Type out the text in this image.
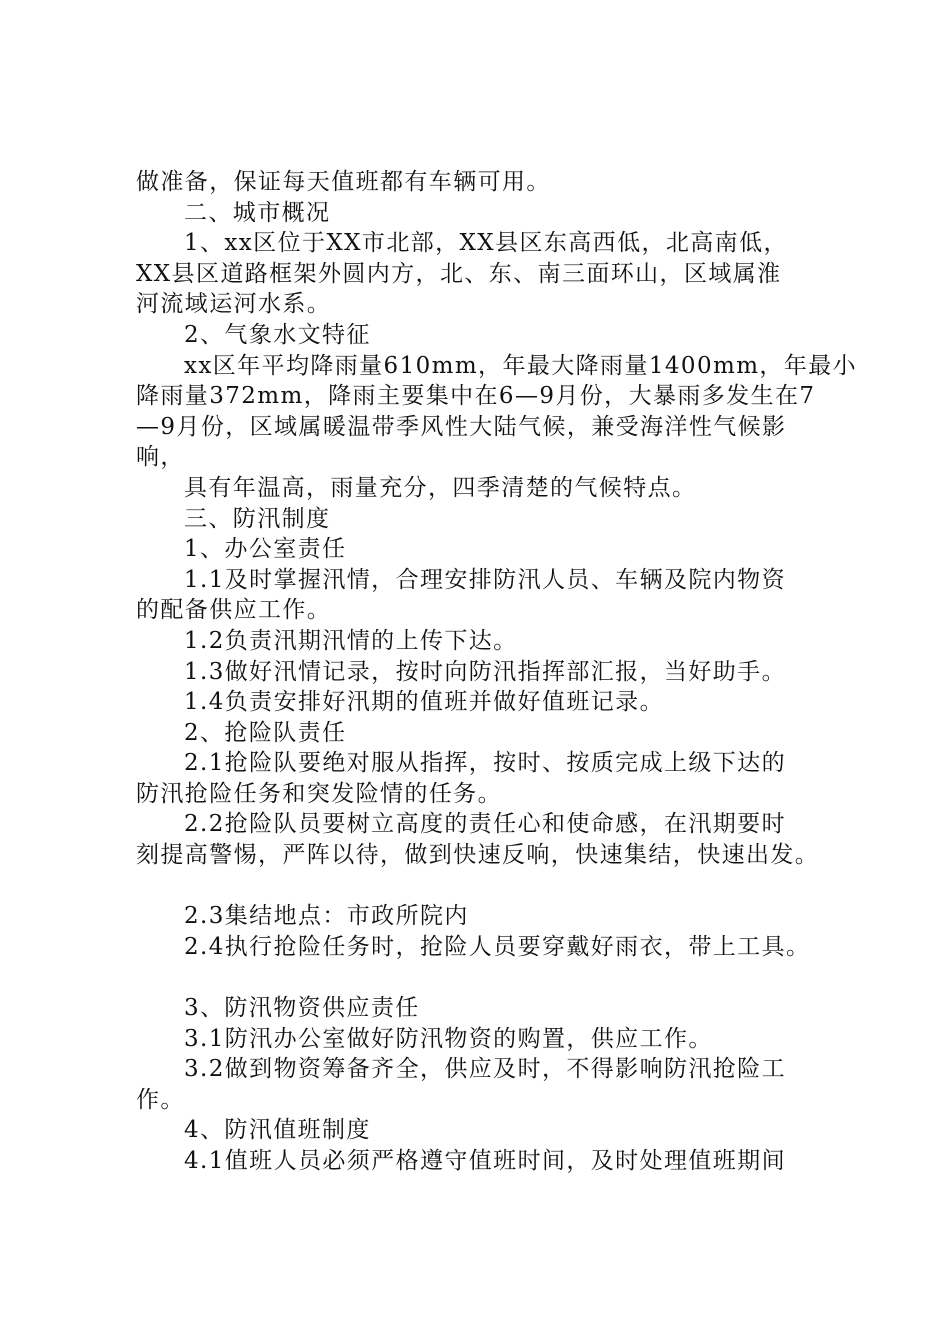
做准备，保证每天值班都有车辆可用。
二、城市概况
1、xx区位于XX市北部，XX县区东高西低，北高南低，
XX县区道路框架外圆内方，北、东、南三面环山，区域属淮
河流域运河水系。
2、气象水文特征
xx区年平均降雨量610mm，年最大降雨量1400mm，年最小
降雨量372mm，降雨主要集中在6—9月份，大暴雨多发生在7
—9月份，区域属暖温带季风性大陆气候，兼受海洋性气候影
响，
具有年温高，雨量充分，四季清楚的气候特点。
三、防汛制度
1、办公室责任
1.1及时掌握汛情，合理安排防汛人员、车辆及院内物资
的配备供应工作。
1.2负责汛期汛情的上传下达。
1.3做好汛情记录，按时向防汛指挥部汇报，当好助手。
1.4负责安排好汛期的值班并做好值班记录。
2、抢险队责任
2.1抢险队要绝对服从指挥，按时、按质完成上级下达的
防汛抢险任务和突发险情的任务。
2.2抢险队员要树立高度的责任心和使命感，在汛期要时
刻提高警惕，严阵以待，做到快速反响，快速集结，快速出发。
2.3集结地点：市政所院内
2.4执行抢险任务时，抢险人员要穿戴好雨衣，带上工具。
3、防汛物资供应责任
3.1防汛办公室做好防汛物资的购置，供应工作。
3.2做到物资筹备齐全，供应及时，不得影响防汛抢险工
作。
4、防汛值班制度
4.1值班人员必须严格遵守值班时间，及时处理值班期间
